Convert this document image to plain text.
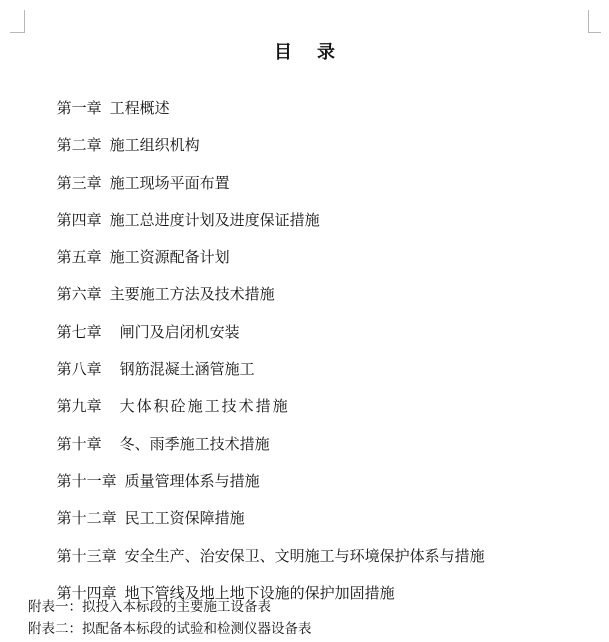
目    录

第一章 工程概述

第二章 施工组织机构

第三章 施工现场平面布置

第四章 施工总进度计划及进度保证措施

第五章 施工资源配备计划

第六章 主要施工方法及技术措施

第七章 闸门及启闭机安装

第八章 钢筋混凝土涵管施工

第九章 大体积砼施工技术措施

第十章 冬、雨季施工技术措施

第十一章 质量管理体系与措施

第十二章 民工工资保障措施

第十三章 安全生产、治安保卫、文明施工与环境保护体系与措施

第十四章 地下管线及地上地下设施的保护加固措施

附表一：拟投入本标段的主要施工设备表
附表二：拟配备本标段的试验和检测仪器设备表
